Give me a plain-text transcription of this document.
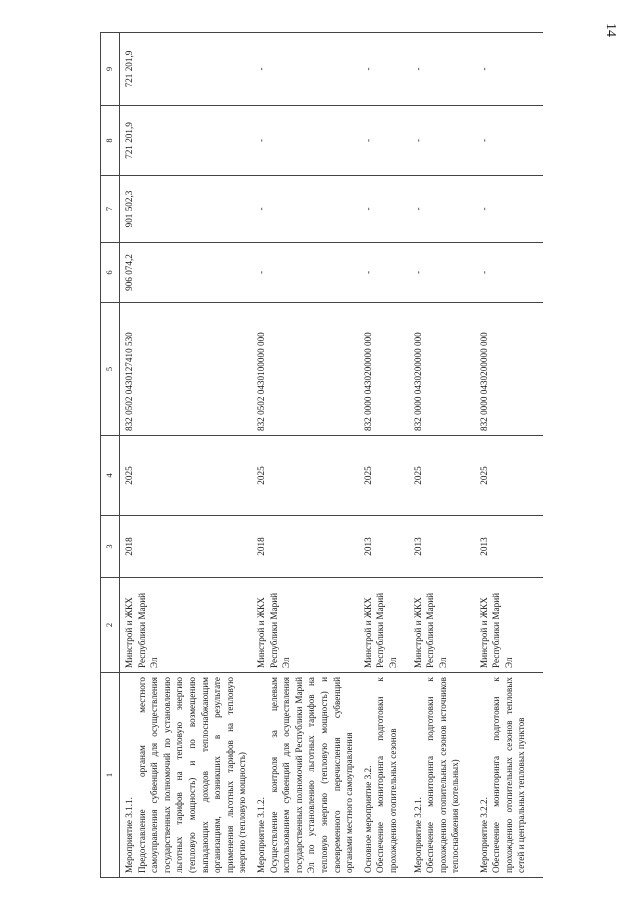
14
1	2	3	4	5	6	7	8	9

Мероприятие 3.1.1. Предоставление органам местного самоуправления субвенций для осуществления государственных полномочий по установлению льготных тарифов на тепловую энергию (тепловую мощность) и по возмещению выпадающих доходов теплоснабжающим организациям, возникших в результате применения льготных тарифов на тепловую энергию (тепловую мощность)	Минстрой и ЖКХ Республики Марий Эл	2018	2025	832 0502 0430127410 530	906 074,2	901 502,3	721 201,9	721 201,9

Мероприятие 3.1.2. Осуществление контроля за целевым использованием субвенций для осуществления государственных полномочий Республики Марий Эл по установлению льготных тарифов на тепловую энергию (тепловую мощность) и своевременного перечисления субвенций органами местного самоуправления	Минстрой и ЖКХ Республики Марий Эл	2018	2025	832 0502 0430100000 000	-	-	-	-

Основное мероприятие 3.2. Обеспечение мониторинга подготовки к прохождению отопительных сезонов	Минстрой и ЖКХ Республики Марий Эл	2013	2025	832 0000 0430200000 000	-	-	-	-

Мероприятие 3.2.1. Обеспечение мониторинга подготовки к прохождению отопительных сезонов источников теплоснабжения (котельных)	Минстрой и ЖКХ Республики Марий Эл	2013	2025	832 0000 0430200000 000	-	-	-	-

Мероприятие 3.2.2. Обеспечение мониторинга подготовки к прохождению отопительных сезонов тепловых сетей и центральных тепловых пунктов	Минстрой и ЖКХ Республики Марий Эл	2013	2025	832 0000 0430200000 000	-	-	-	-
